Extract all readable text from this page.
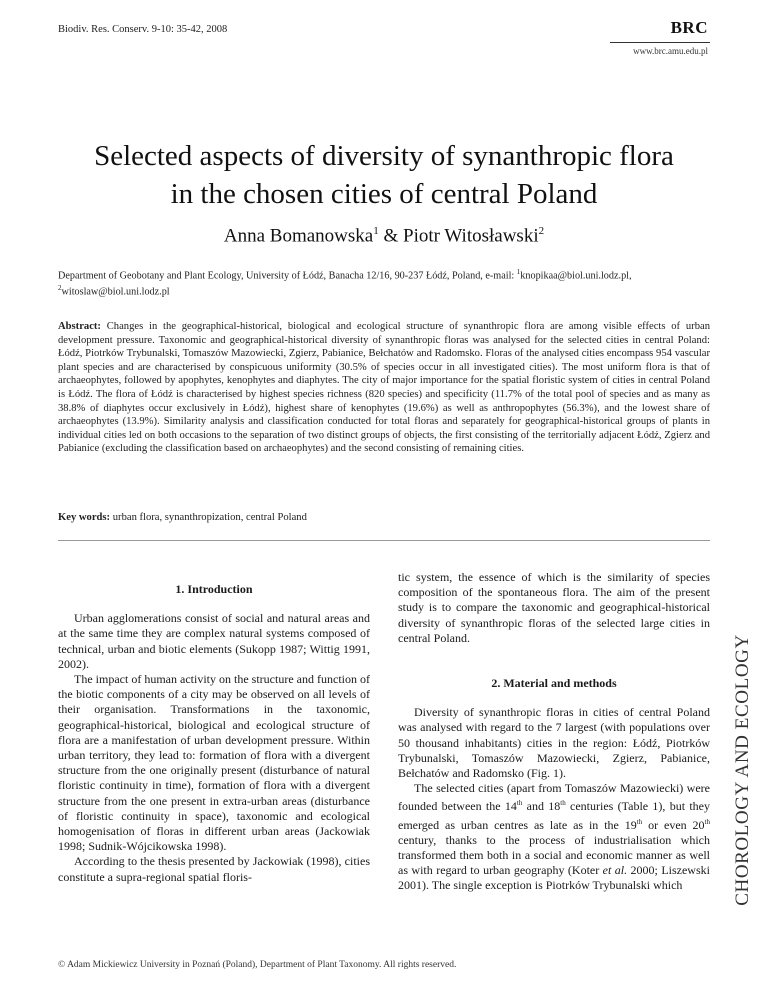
Biodiv. Res. Conserv. 9-10: 35-42, 2008	BRC
www.brc.amu.edu.pl
Selected aspects of diversity of synanthropic flora
in the chosen cities of central Poland
Anna Bomanowska$^1$ & Piotr Witosławski$^2$
Department of Geobotany and Plant Ecology, University of Łódź, Banacha 12/16, 90-237 Łódź, Poland, e-mail: $^1$knopikaa@biol.uni.lodz.pl,
$^2$witoslaw@biol.uni.lodz.pl
Abstract: Changes in the geographical-historical, biological and ecological structure of synanthropic flora are among visible effects of urban development pressure. Taxonomic and geographical-historical diversity of synanthropic floras was analysed for the selected cities in central Poland: Łódź, Piotrków Trybunalski, Tomaszów Mazowiecki, Zgierz, Pabianice, Bełchatów and Radomsko. Floras of the analysed cities encompass 954 vascular plant species and are characterised by conspicuous uniformity (30.5% of species occur in all investigated cities). The most uniform flora is that of archaeophytes, followed by apophytes, kenophytes and diaphytes. The city of major importance for the spatial floristic system of cities in central Poland is Łódź. The flora of Łódź is characterised by highest species richness (820 species) and specificity (11.7% of the total pool of species and as many as 38.8% of diaphytes occur exclusively in Łódź), highest share of kenophytes (19.6%) as well as anthropophytes (56.3%), and the lowest share of archaeophytes (13.9%). Similarity analysis and classification conducted for total floras and separately for geographical-historical groups of plants in individual cities led on both occasions to the separation of two distinct groups of objects, the first consisting of the territorially adjacent Łódź, Zgierz and Pabianice (excluding the classification based on archaeophytes) and the second consisting of remaining cities.
Key words: urban flora, synanthropization, central Poland
1. Introduction

Urban agglomerations consist of social and natural areas and at the same time they are complex natural systems composed of technical, urban and biotic elements (Sukopp 1987; Wittig 1991, 2002).

The impact of human activity on the structure and function of the biotic components of a city may be observed on all levels of their organisation. Transformations in the taxonomic, geographical-historical, biological and ecological structure of flora are a manifestation of urban development pressure. Within urban territory, they lead to: formation of flora with a divergent structure from the one originally present (disturbance of natural floristic continuity in time), formation of flora with a divergent structure from the one present in extra-urban areas (disturbance of floristic continuity in space), taxonomic and ecological homogenisation of floras in different urban areas (Jackowiak 1998; Sudnik-Wójcikowska 1998).

According to the thesis presented by Jackowiak (1998), cities constitute a supra-regional spatial floris-

tic system, the essence of which is the similarity of species composition of the spontaneous flora. The aim of the present study is to compare the taxonomic and geographical-historical diversity of synanthropic floras of the selected large cities in central Poland.

2. Material and methods

Diversity of synanthropic floras in cities of central Poland was analysed with regard to the 7 largest (with populations over 50 thousand inhabitants) cities in the region: Łódź, Piotrków Trybunalski, Tomaszów Mazowiecki, Zgierz, Pabianice, Bełchatów and Radomsko (Fig. 1).

The selected cities (apart from Tomaszów Mazowiecki) were founded between the 14th and 18th centuries (Table 1), but they emerged as urban centres as late as in the 19th or even 20th century, thanks to the process of industrialisation which transformed them both in a social and economic manner as well as with regard to urban geography (Koter et al. 2000; Liszewski 2001). The single exception is Piotrków Trybunalski which	CHOROLOGY AND ECOLOGY
© Adam Mickiewicz University in Poznań (Poland), Department of Plant Taxonomy. All rights reserved.
